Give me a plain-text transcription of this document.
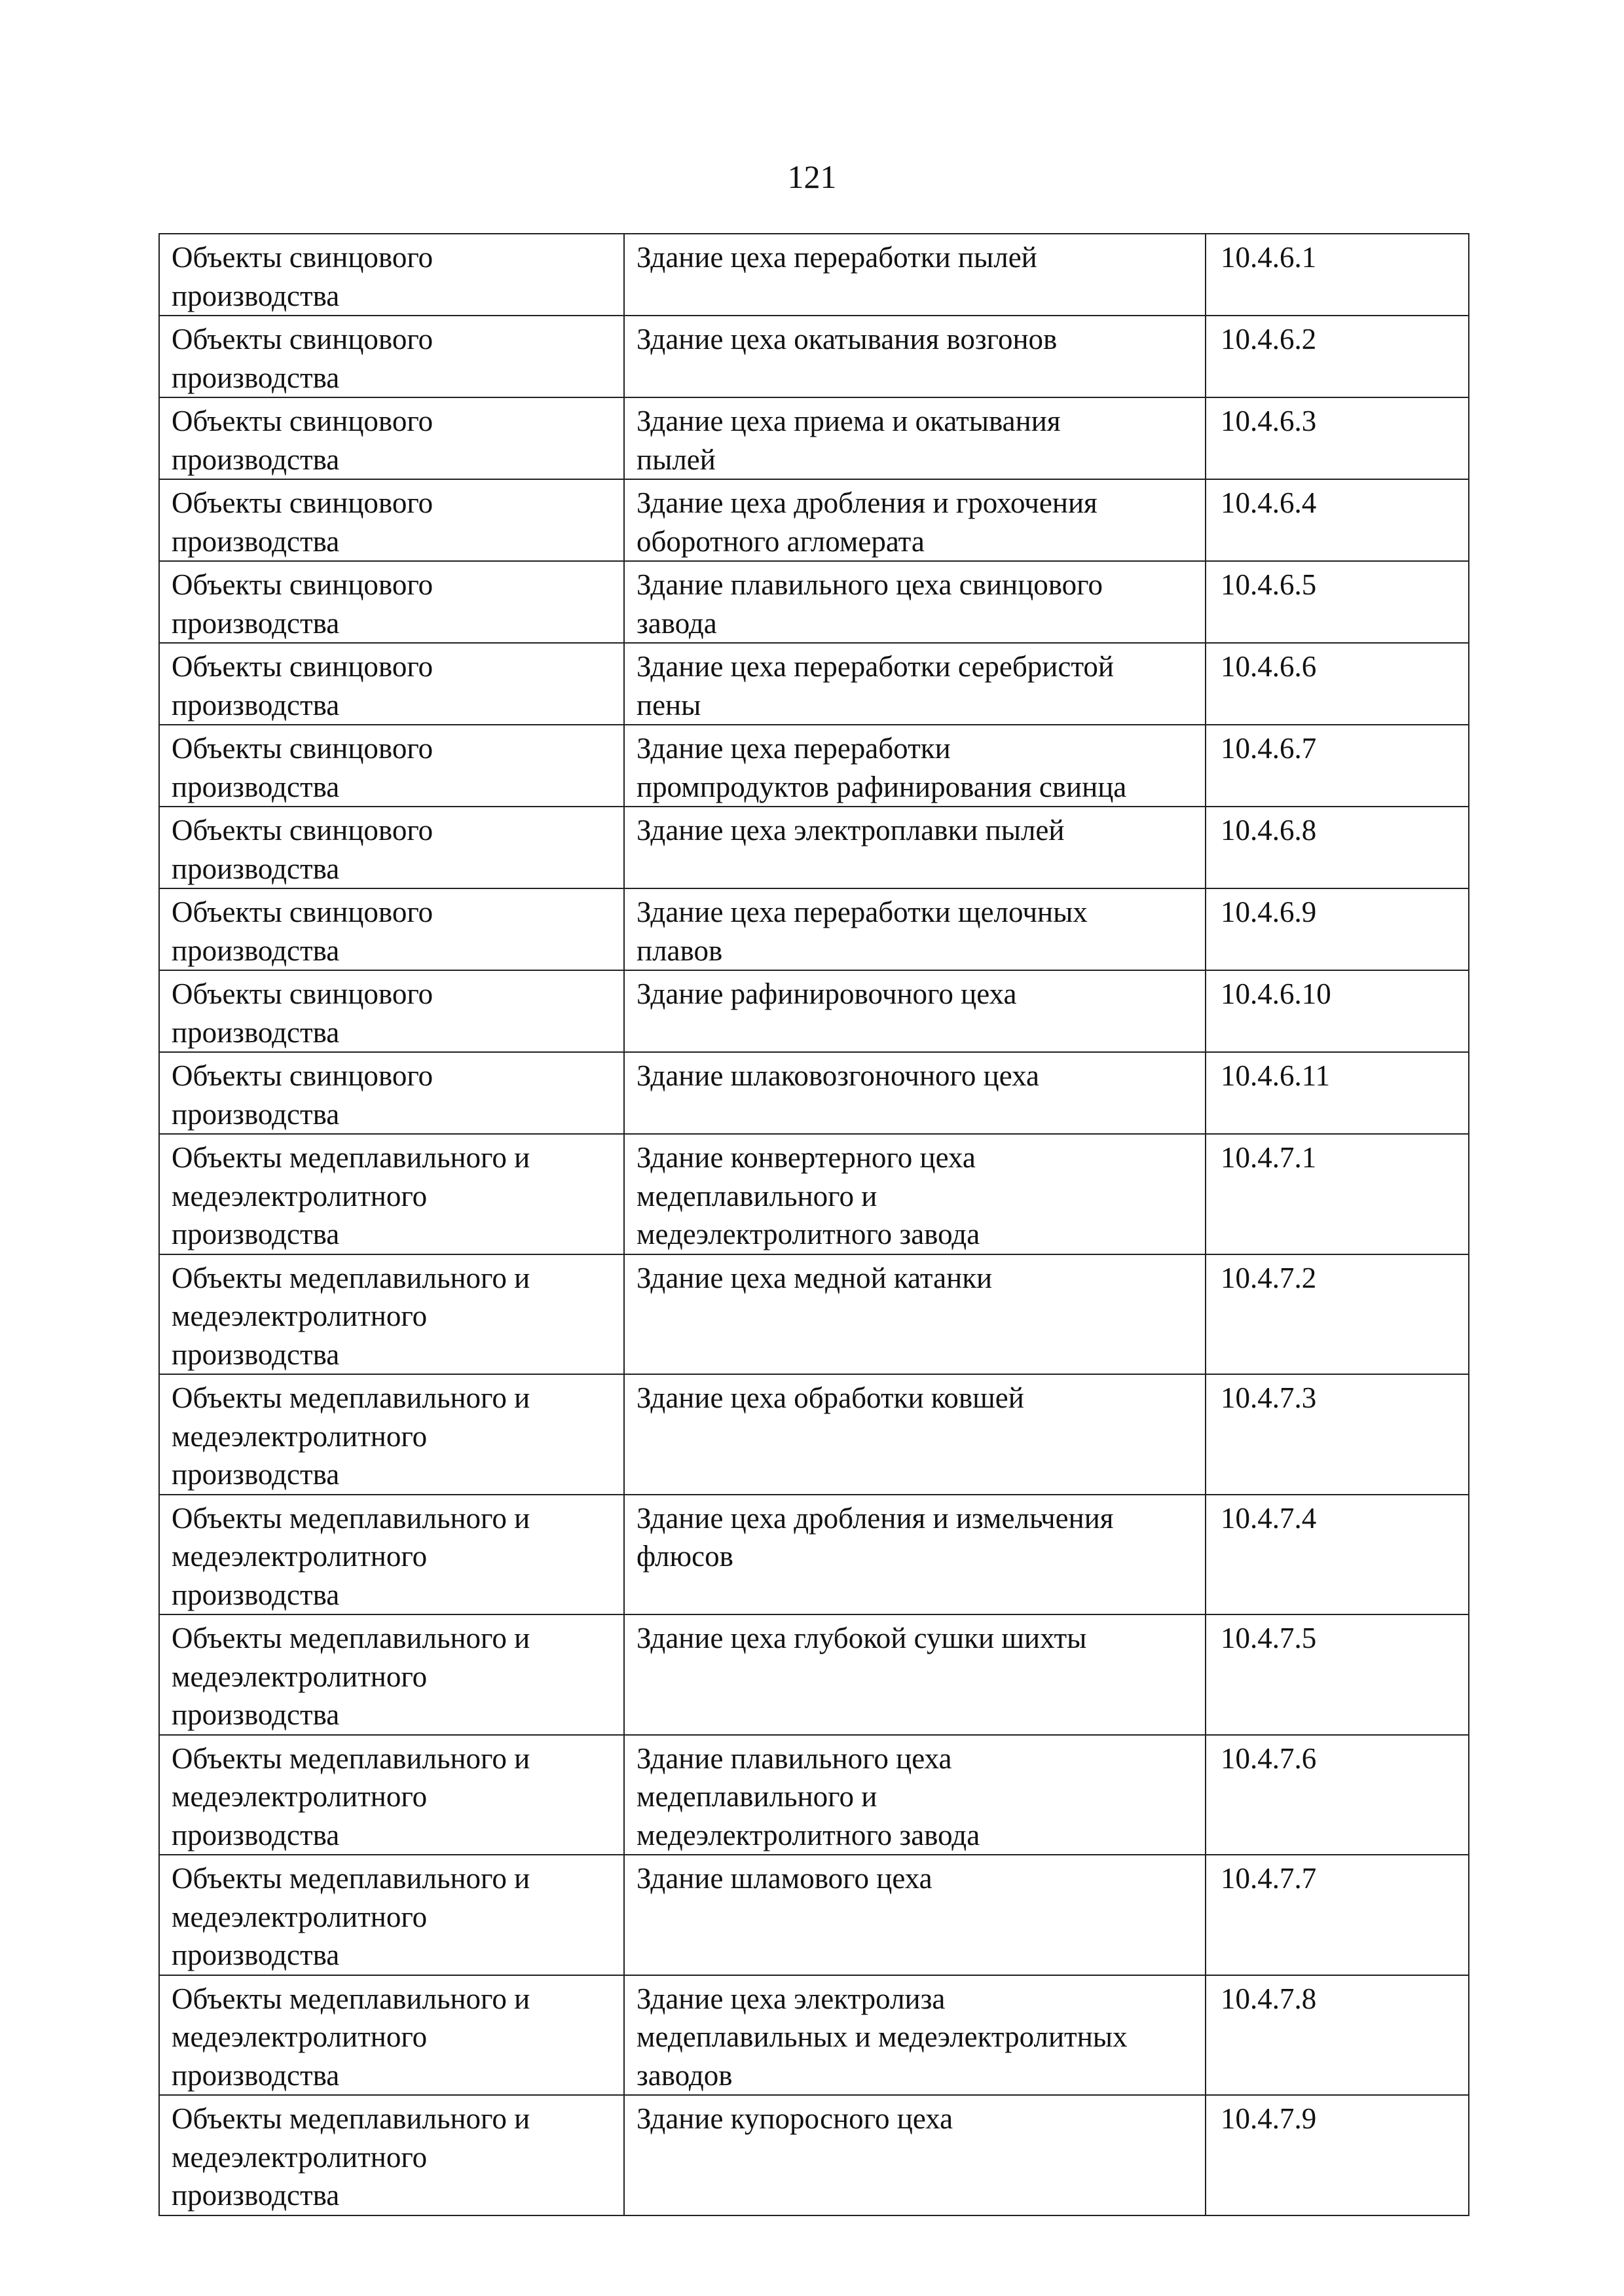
121
Объекты свинцового
производства	Здание цеха переработки пылей	10.4.6.1
Объекты свинцового
производства	Здание цеха окатывания возгонов	10.4.6.2
Объекты свинцового
производства	Здание цеха приема и окатывания
пылей	10.4.6.3
Объекты свинцового
производства	Здание цеха дробления и грохочения
оборотного агломерата	10.4.6.4
Объекты свинцового
производства	Здание плавильного цеха свинцового
завода	10.4.6.5
Объекты свинцового
производства	Здание цеха переработки серебристой
пены	10.4.6.6
Объекты свинцового
производства	Здание цеха переработки
промпродуктов рафинирования свинца	10.4.6.7
Объекты свинцового
производства	Здание цеха электроплавки пылей	10.4.6.8
Объекты свинцового
производства	Здание цеха переработки щелочных
плавов	10.4.6.9
Объекты свинцового
производства	Здание рафинировочного цеха	10.4.6.10
Объекты свинцового
производства	Здание шлаковозгоночного цеха	10.4.6.11
Объекты медеплавильного и
медеэлектролитного
производства	Здание конвертерного цеха
медеплавильного и
медеэлектролитного завода	10.4.7.1
Объекты медеплавильного и
медеэлектролитного
производства	Здание цеха медной катанки	10.4.7.2
Объекты медеплавильного и
медеэлектролитного
производства	Здание цеха обработки ковшей	10.4.7.3
Объекты медеплавильного и
медеэлектролитного
производства	Здание цеха дробления и измельчения
флюсов	10.4.7.4
Объекты медеплавильного и
медеэлектролитного
производства	Здание цеха глубокой сушки шихты	10.4.7.5
Объекты медеплавильного и
медеэлектролитного
производства	Здание плавильного цеха
медеплавильного и
медеэлектролитного завода	10.4.7.6
Объекты медеплавильного и
медеэлектролитного
производства	Здание шламового цеха	10.4.7.7
Объекты медеплавильного и
медеэлектролитного
производства	Здание цеха электролиза
медеплавильных и медеэлектролитных
заводов	10.4.7.8
Объекты медеплавильного и
медеэлектролитного
производства	Здание купоросного цеха	10.4.7.9
